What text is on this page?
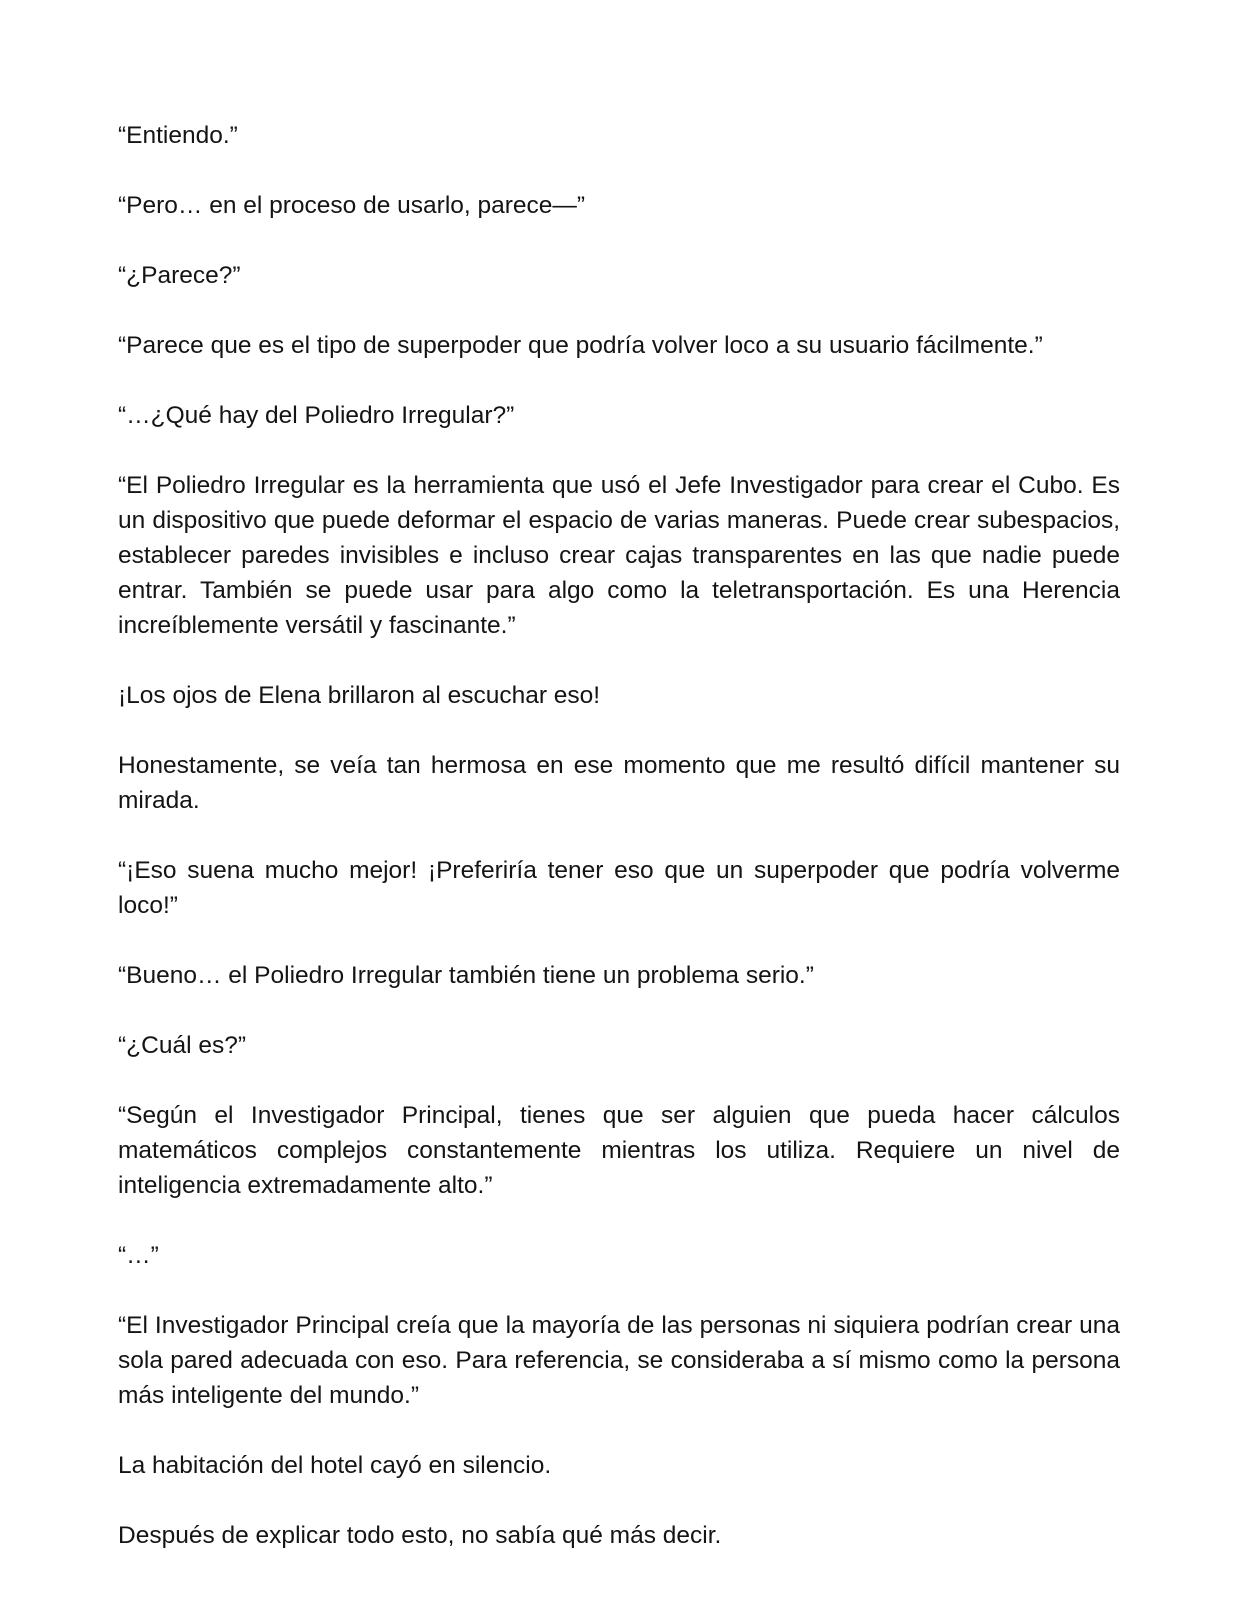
“Entiendo.”

“Pero… en el proceso de usarlo, parece—”

“¿Parece?”

“Parece que es el tipo de superpoder que podría volver loco a su usuario fácilmente.”

“…¿Qué hay del Poliedro Irregular?”

“El Poliedro Irregular es la herramienta que usó el Jefe Investigador para crear el Cubo. Es un dispositivo que puede deformar el espacio de varias maneras. Puede crear subespacios, establecer paredes invisibles e incluso crear cajas transparentes en las que nadie puede entrar. También se puede usar para algo como la teletransportación. Es una Herencia increíblemente versátil y fascinante.”

¡Los ojos de Elena brillaron al escuchar eso!

Honestamente, se veía tan hermosa en ese momento que me resultó difícil mantener su mirada.

“¡Eso suena mucho mejor! ¡Preferiría tener eso que un superpoder que podría volverme loco!”

“Bueno… el Poliedro Irregular también tiene un problema serio.”

“¿Cuál es?”

“Según el Investigador Principal, tienes que ser alguien que pueda hacer cálculos matemáticos complejos constantemente mientras los utiliza. Requiere un nivel de inteligencia extremadamente alto.”

“…”

“El Investigador Principal creía que la mayoría de las personas ni siquiera podrían crear una sola pared adecuada con eso. Para referencia, se consideraba a sí mismo como la persona más inteligente del mundo.”

La habitación del hotel cayó en silencio.

Después de explicar todo esto, no sabía qué más decir.
